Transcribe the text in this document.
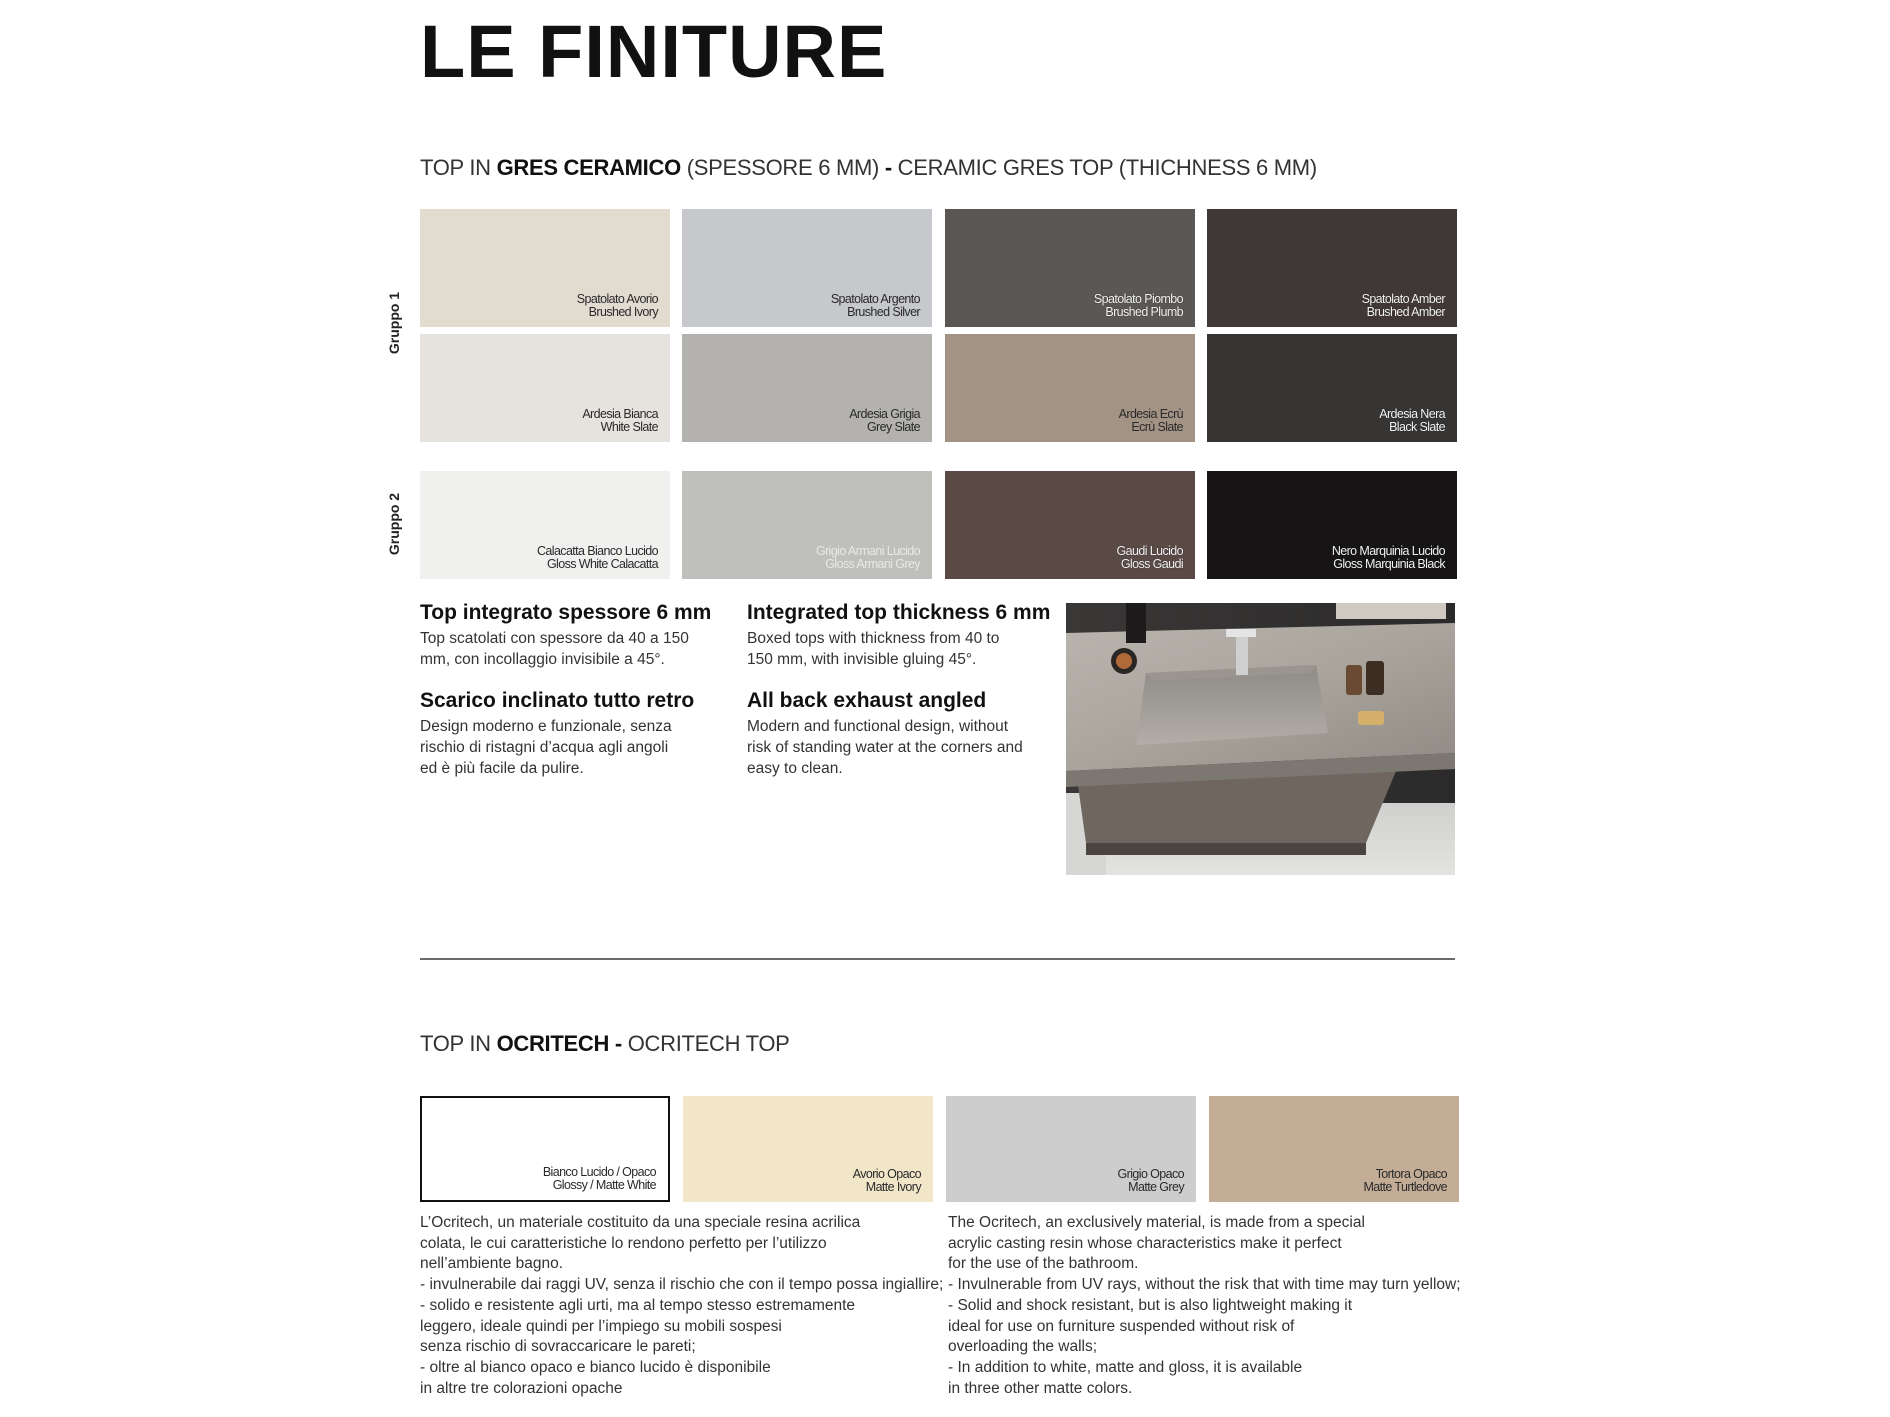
LE FINITURE
TOP IN GRES CERAMICO (SPESSORE 6 MM) - CERAMIC GRES TOP (THICHNESS 6 MM)
Gruppo 1
Gruppo 2
Spatolato Avorio
Brushed Ivory
Spatolato Argento
Brushed Silver
Spatolato Piombo
Brushed Plumb
Spatolato Amber
Brushed Amber
Ardesia Bianca
White Slate
Ardesia Grigia
Grey Slate
Ardesia Ecrù
Ecrù Slate
Ardesia Nera
Black Slate
Calacatta Bianco Lucido
Gloss White Calacatta
Grigio Armani Lucido
Gloss Armani Grey
Gaudi Lucido
Gloss Gaudi
Nero Marquinia Lucido
Gloss Marquinia Black
Top integrato spessore 6 mm

Top scatolati con spessore da 40 a 150
mm, con incollaggio invisibile a 45°.

Scarico inclinato tutto retro

Design moderno e funzionale, senza
rischio di ristagni d’acqua agli angoli
ed è più facile da pulire.

Integrated top thickness 6 mm

Boxed tops with thickness from 40 to
150 mm, with invisible gluing 45°.

All back exhaust angled

Modern and functional design, without
risk of standing water at the corners and
easy to clean.

TOP IN OCRITECH - OCRITECH TOP
Bianco Lucido / Opaco
Glossy / Matte White
Avorio Opaco
Matte Ivory
Grigio Opaco
Matte Grey
Tortora Opaco
Matte Turtledove
L’Ocritech, un materiale costituito da una speciale resina acrilica
colata, le cui caratteristiche lo rendono perfetto per l’utilizzo
nell’ambiente bagno.
- invulnerabile dai raggi UV, senza il rischio che con il tempo possa ingiallire;
- solido e resistente agli urti, ma al tempo stesso estremamente
leggero, ideale quindi per l’impiego su mobili sospesi
senza rischio di sovraccaricare le pareti;
- oltre al bianco opaco e bianco lucido è disponibile
in altre tre colorazioni opache
The Ocritech, an exclusively material, is made from a special
acrylic casting resin whose characteristics make it perfect
for the use of the bathroom.
- Invulnerable from UV rays, without the risk that with time may turn yellow;
- Solid and shock resistant, but is also lightweight making it
ideal for use on furniture suspended without risk of
overloading the walls;
- In addition to white, matte and gloss, it is available
in three other matte colors.
